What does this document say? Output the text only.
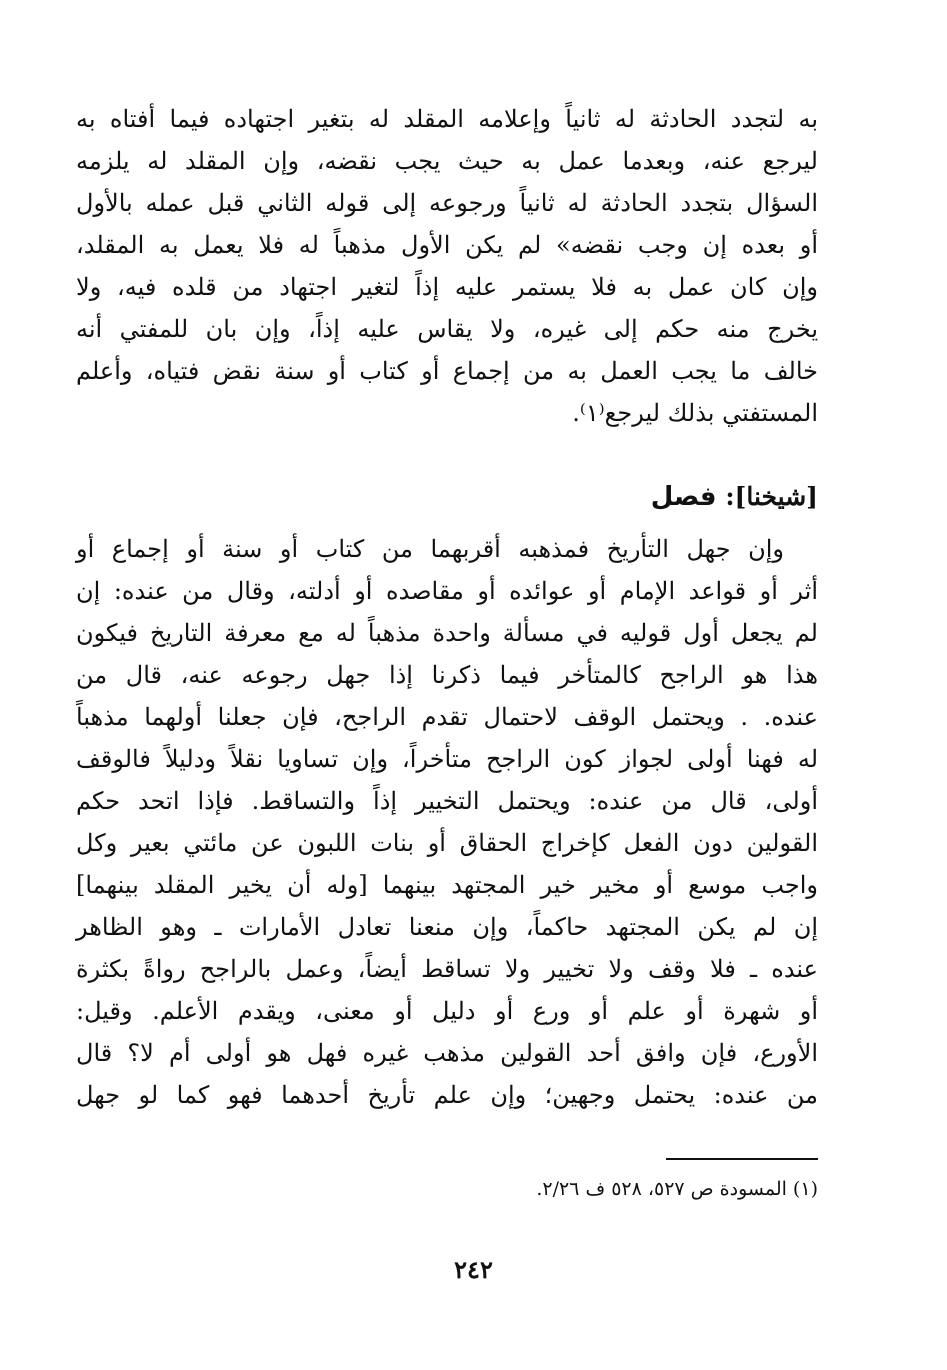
به لتجدد الحادثة له ثانياً وإعلامه المقلد له بتغير اجتهاده فيما أفتاه به
ليرجع عنه، وبعدما عمل به حيث يجب نقضه، وإن المقلد له يلزمه
السؤال بتجدد الحادثة له ثانياً ورجوعه إلى قوله الثاني قبل عمله بالأول
أو بعده إن وجب نقضه» لم يكن الأول مذهباً له فلا يعمل به المقلد،
وإن كان عمل به فلا يستمر عليه إذاً لتغير اجتهاد من قلده فيه، ولا
يخرج منه حكم إلى غيره، ولا يقاس عليه إذاً، وإن بان للمفتي أنه
خالف ما يجب العمل به من إجماع أو كتاب أو سنة نقض فتياه، وأعلم
المستفتي بذلك ليرجع⁽١⁾.
[شيخنا]: فصل
وإن جهل التأريخ فمذهبه أقربهما من كتاب أو سنة أو إجماع أو
أثر أو قواعد الإمام أو عوائده أو مقاصده أو أدلته، وقال من عنده: إن
لم يجعل أول قوليه في مسألة واحدة مذهباً له مع معرفة التاريخ فيكون
هذا هو الراجح كالمتأخر فيما ذكرنا إذا جهل رجوعه عنه، قال من
عنده. . ويحتمل الوقف لاحتمال تقدم الراجح، فإن جعلنا أولهما مذهباً
له فهنا أولى لجواز كون الراجح متأخراً، وإن تساويا نقلاً ودليلاً فالوقف
أولى، قال من عنده: ويحتمل التخيير إذاً والتساقط. فإذا اتحد حكم
القولين دون الفعل كإخراج الحقاق أو بنات اللبون عن مائتي بعير وكل
واجب موسع أو مخير خير المجتهد بينهما [وله أن يخير المقلد بينهما]
إن لم يكن المجتهد حاكماً، وإن منعنا تعادل الأمارات ـ وهو الظاهر
عنده ـ فلا وقف ولا تخيير ولا تساقط أيضاً، وعمل بالراجح رواةً بكثرة
أو شهرة أو علم أو ورع أو دليل أو معنى، ويقدم الأعلم. وقيل:
الأورع، فإن وافق أحد القولين مذهب غيره فهل هو أولى أم لا؟ قال
من عنده: يحتمل وجهين؛ وإن علم تأريخ أحدهما فهو كما لو جهل
(١) المسودة ص ٥٢٧، ٥٢٨ ف ٢/٢٦.
٢٤٢
